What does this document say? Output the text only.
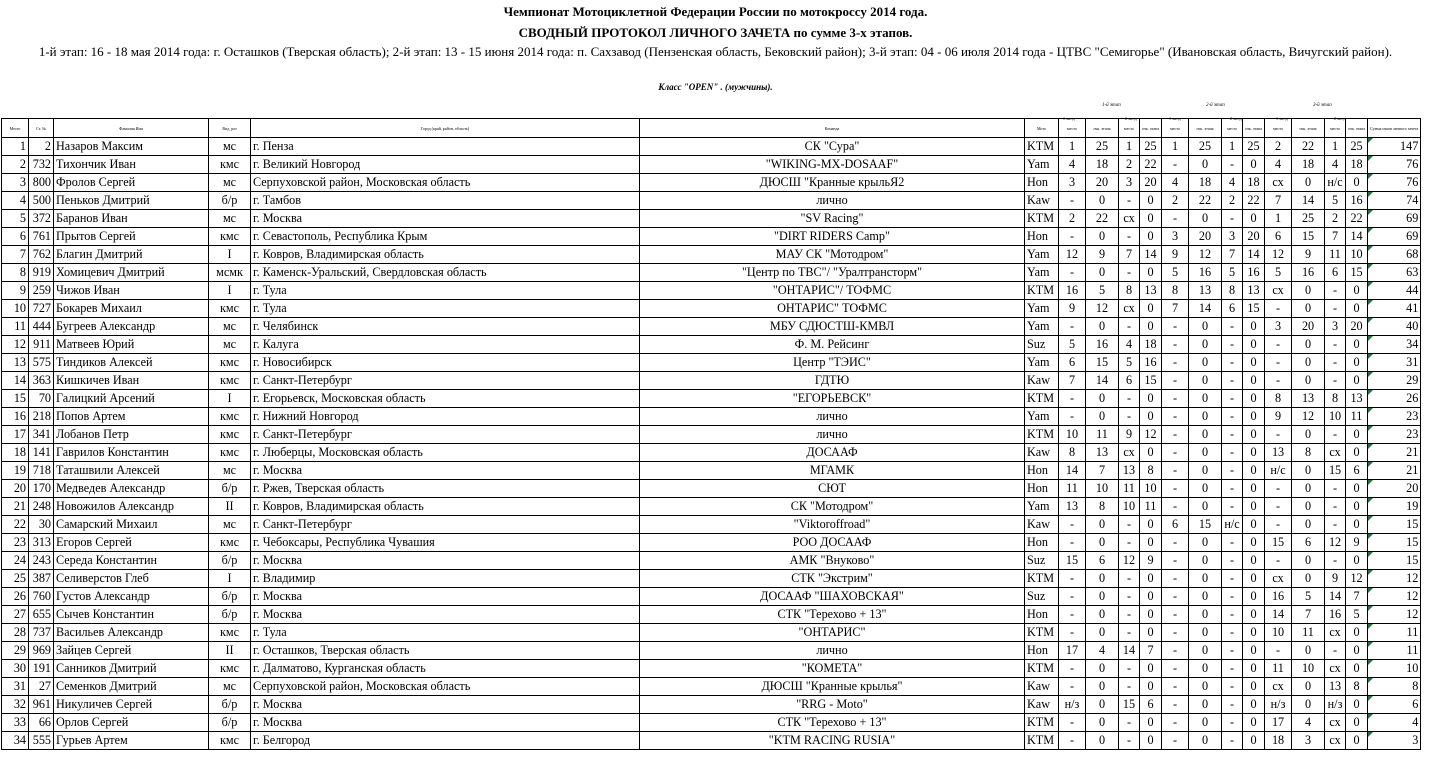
Чемпионат Мотоциклетной Федерации России по мотокроссу 2014 года.
СВОДНЫЙ ПРОТОКОЛ ЛИЧНОГО ЗАЧЕТА по сумме 3-х этапов.
1-й этап: 16 - 18 мая 2014 года: г. Осташков (Тверская область); 2-й этап: 13 - 15 июня 2014 года: п. Сахзавод (Пензенская область, Бековский район); 3-й этап: 04 - 06 июля 2014 года - ЦТВС "Семигорье" (Ивановская область, Вичугский район).
Класс "OPEN" . (мужчины).
1-й этап	2-й этап	3-й этап
Место	Ст. №	Фамилия Имя	Вид. раз	Город (край, район, область)	Команда	Мото	место	очк. этапа	место	очк. этапа	место	очк. этапа	место	очк. этапа	место	очк. этапа	место	очк. этапа	Сумма очков личного зачета
1	2	Назаров Максим	мс	г. Пенза	СК "Сура"	KTM	1	25	1	25	1	25	1	25	2	22	1	25	147
2	732	Тихончик Иван	кмс	г. Великий Новгород	"WIKING-MX-DOSAAF"	Yam	4	18	2	22	-	0	-	0	4	18	4	18	76
3	800	Фролов Сергей	мс	Серпуховской район, Московская область	ДЮСШ "Кранные крыльЯ2	Hon	3	20	3	20	4	18	4	18	сх	0	н/с	0	76
4	500	Пеньков Дмитрий	б/р	г. Тамбов	лично	Kaw	-	0	-	0	2	22	2	22	7	14	5	16	74
5	372	Баранов Иван	мс	г. Москва	"SV Racing"	KTM	2	22	сх	0	-	0	-	0	1	25	2	22	69
6	761	Прытов Сергей	кмс	г. Севастополь, Республика Крым	"DIRT RIDERS Camp"	Hon	-	0	-	0	3	20	3	20	6	15	7	14	69
7	762	Благин Дмитрий	I	г. Ковров, Владимирская область	МАУ СК "Мотодром"	Yam	12	9	7	14	9	12	7	14	12	9	11	10	68
8	919	Хомицевич Дмитрий	мсмк	г. Каменск-Уральский, Свердловская область	"Центр по ТВС"/ "Уралтрансторм"	Yam	-	0	-	0	5	16	5	16	5	16	6	15	63
9	259	Чижов Иван	I	г. Тула	"ОНТАРИС"/ ТОФМС	KTM	16	5	8	13	8	13	8	13	сх	0	-	0	44
10	727	Бокарев Михаил	кмс	г. Тула	ОНТАРИС" ТОФМС	Yam	9	12	сх	0	7	14	6	15	-	0	-	0	41
11	444	Бугреев Александр	мс	г. Челябинск	МБУ СДЮСТШ-КМВЛ	Yam	-	0	-	0	-	0	-	0	3	20	3	20	40
12	911	Матвеев Юрий	мс	г. Калуга	Ф. М. Рейсинг	Suz	5	16	4	18	-	0	-	0	-	0	-	0	34
13	575	Тиндиков Алексей	кмс	г. Новосибирск	Центр "ТЭИС"	Yam	6	15	5	16	-	0	-	0	-	0	-	0	31
14	363	Кишкичев Иван	кмс	г. Санкт-Петербург	ГДТЮ	Kaw	7	14	6	15	-	0	-	0	-	0	-	0	29
15	70	Галицкий Арсений	I	г. Егорьевск, Московская область	"ЕГОРЬЕВСК"	KTM	-	0	-	0	-	0	-	0	8	13	8	13	26
16	218	Попов Артем	кмс	г. Нижний Новгород	лично	Yam	-	0	-	0	-	0	-	0	9	12	10	11	23
17	341	Лобанов Петр	кмс	г. Санкт-Петербург	лично	KTM	10	11	9	12	-	0	-	0	-	0	-	0	23
18	141	Гаврилов Константин	кмс	г. Люберцы, Московская область	ДОСААФ	Kaw	8	13	сх	0	-	0	-	0	13	8	сх	0	21
19	718	Таташвили Алексей	мс	г. Москва	МГАМК	Hon	14	7	13	8	-	0	-	0	н/с	0	15	6	21
20	170	Медведев Александр	б/р	г. Ржев, Тверская область	СЮТ	Hon	11	10	11	10	-	0	-	0	-	0	-	0	20
21	248	Новожилов Александр	II	г. Ковров, Владимирская область	СК "Мотодром"	Yam	13	8	10	11	-	0	-	0	-	0	-	0	19
22	30	Самарский Михаил	мс	г. Санкт-Петербург	"Viktoroffroad"	Kaw	-	0	-	0	6	15	н/с	0	-	0	-	0	15
23	313	Егоров Сергей	кмс	г. Чебоксары, Республика Чувашия	РОО ДОСААФ	Hon	-	0	-	0	-	0	-	0	15	6	12	9	15
24	243	Середа Константин	б/р	г. Москва	АМК "Внуково"	Suz	15	6	12	9	-	0	-	0	-	0	-	0	15
25	387	Селиверстов Глеб	I	г. Владимир	СТК "Экстрим"	KTM	-	0	-	0	-	0	-	0	сх	0	9	12	12
26	760	Густов Александр	б/р	г. Москва	ДОСААФ "ШАХОВСКАЯ"	Suz	-	0	-	0	-	0	-	0	16	5	14	7	12
27	655	Сычев Константин	б/р	г. Москва	СТК "Терехово + 13"	Hon	-	0	-	0	-	0	-	0	14	7	16	5	12
28	737	Васильев Александр	кмс	г. Тула	"ОНТАРИС"	KTM	-	0	-	0	-	0	-	0	10	11	сх	0	11
29	969	Зайцев Сергей	II	г. Осташков, Тверская область	лично	Hon	17	4	14	7	-	0	-	0	-	0	-	0	11
30	191	Санников Дмитрий	кмс	г. Далматово, Курганская область	"КОМЕТА"	KTM	-	0	-	0	-	0	-	0	11	10	сх	0	10
31	27	Семенков Дмитрий	мс	Серпуховской район, Московская область	ДЮСШ "Кранные крылья"	Kaw	-	0	-	0	-	0	-	0	сх	0	13	8	8
32	961	Никуличев Сергей	б/р	г. Москва	"RRG - Moto"	Kaw	н/з	0	15	6	-	0	-	0	н/з	0	н/з	0	6
33	66	Орлов Сергей	б/р	г. Москва	СТК "Терехово + 13"	KTM	-	0	-	0	-	0	-	0	17	4	сх	0	4
34	555	Гурьев Артем	кмс	г. Белгород	"KTM RACING RUSIA"	KTM	-	0	-	0	-	0	-	0	18	3	сх	0	3
1 заезд	2 заезд	1 заезд	2 заезд	1 заезд	2 заезд
